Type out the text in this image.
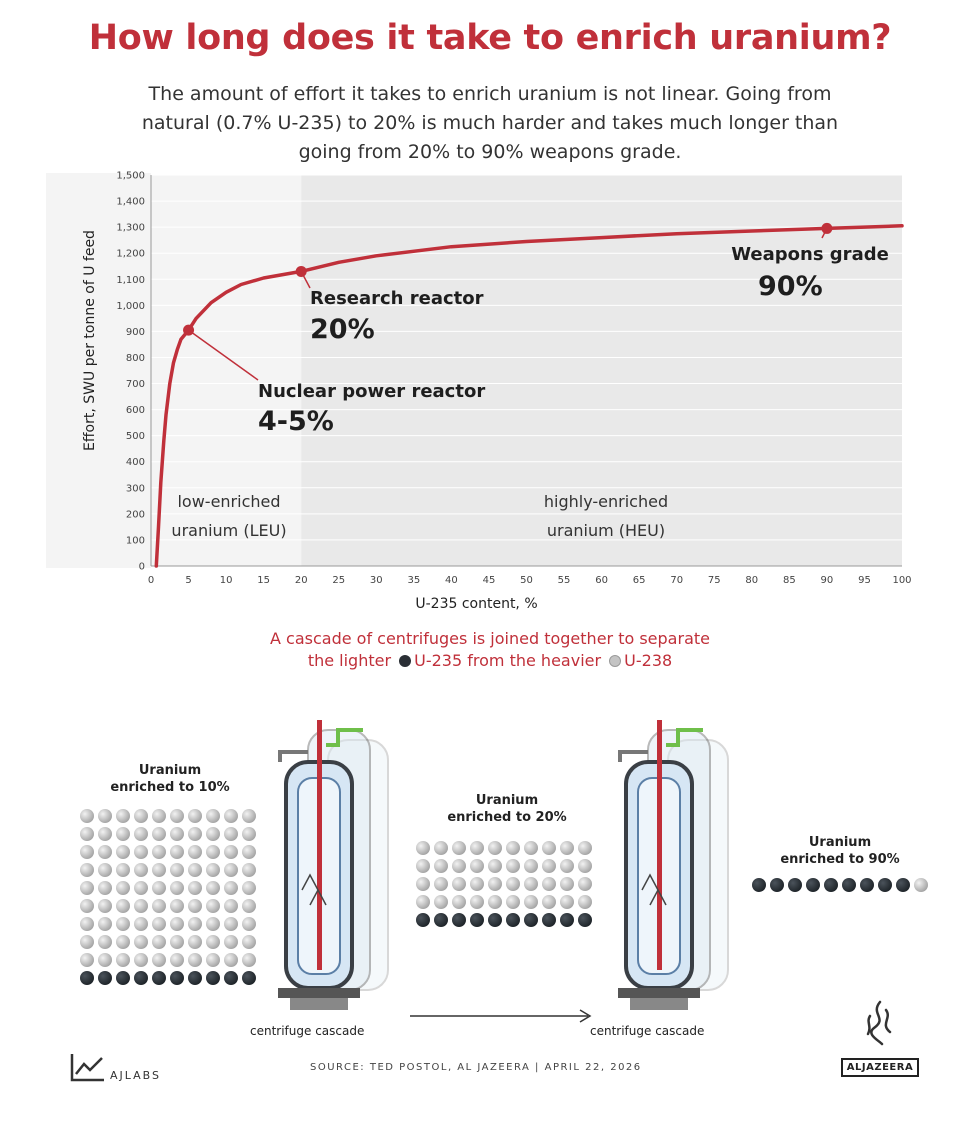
How long does it take to enrich uranium?
The amount of effort it takes to enrich uranium is not linear. Going from natural (0.7% U-235) to 20% is much harder and takes much longer than going from 20% to 90% weapons grade.
0
100
200
300
400
500
600
700
800
900
1,000
1,100
1,200
1,300
1,400
1,500
0	5	10 15 20 25 30 35 40 45 50 55 60 65 70 75 80 85 90 95 100
U-235 content, %
Effort, SWU per tonne of U feed
low-enriched
uranium (LEU)
highly-enriched
uranium (HEU)
Nuclear power reactor
4-5%
Research reactor
20%
Weapons grade
90%
A cascade of centrifuges is joined together to separate
the lighter U-235 from the heavier U-238
Uranium
enriched to 10%
Uranium
enriched to 20%
Uranium
enriched to 90%
centrifuge cascade	centrifuge cascade
AJLABS
SOURCE: TED POSTOL, AL JAZEERA | APRIL 22, 2026	ALJAZEERA
